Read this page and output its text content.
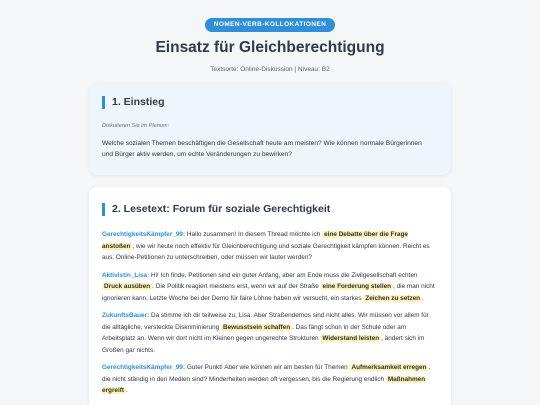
NOMEN-VERB-KOLLOKATIONEN
Einsatz für Gleichberechtigung
Textsorte: Online-Diskussion | Niveau: B2
1. Einstieg
Diskutieren Sie im Plenum:
Welche sozialen Themen beschäftigen die Gesellschaft heute am meisten? Wie können normale Bürgerinnen und Bürger aktiv werden, um echte Veränderungen zu bewirken?
2. Lesetext: Forum für soziale Gerechtigkeit

GerechtigkeitsKämpfer_99: Hallo zusammen! In diesem Thread möchte ich eine Debatte über die Frage anstoßen , wie wir heute noch effektiv für Gleichberechtigung und soziale Gerechtigkeit kämpfen können. Reicht es aus, Online-Petitionen zu unterschreiben, oder müssen wir lauter werden?

Aktivistin_Lisa: Hi! Ich finde, Petitionen sind ein guter Anfang, aber am Ende muss die Zivilgesellschaft echten Druck ausüben . Die Politik reagiert meistens erst, wenn wir auf der Straße eine Forderung stellen , die man nicht ignorieren kann. Letzte Woche bei der Demo für faire Löhne haben wir versucht, ein starkes Zeichen zu setzen .

ZukunftsBauer: Da stimme ich dir teilweise zu, Lisa. Aber Straßendemos sind nicht alles. Wir müssen vor allem für die alltägliche, versteckte Diskriminierung Bewusstsein schaffen . Das fängt schon in der Schule oder am Arbeitsplatz an. Wenn wir dort nicht im Kleinen gegen ungerechte Strukturen Widerstand leisten , ändert sich im Großen gar nichts.

GerechtigkeitsKämpfer_99: Guter Punkt! Aber wie können wir am besten für Themen Aufmerksamkeit erregen , die nicht ständig in den Medien sind? Minderheiten werden oft vergessen, bis die Regierung endlich Maßnahmen ergreift .
